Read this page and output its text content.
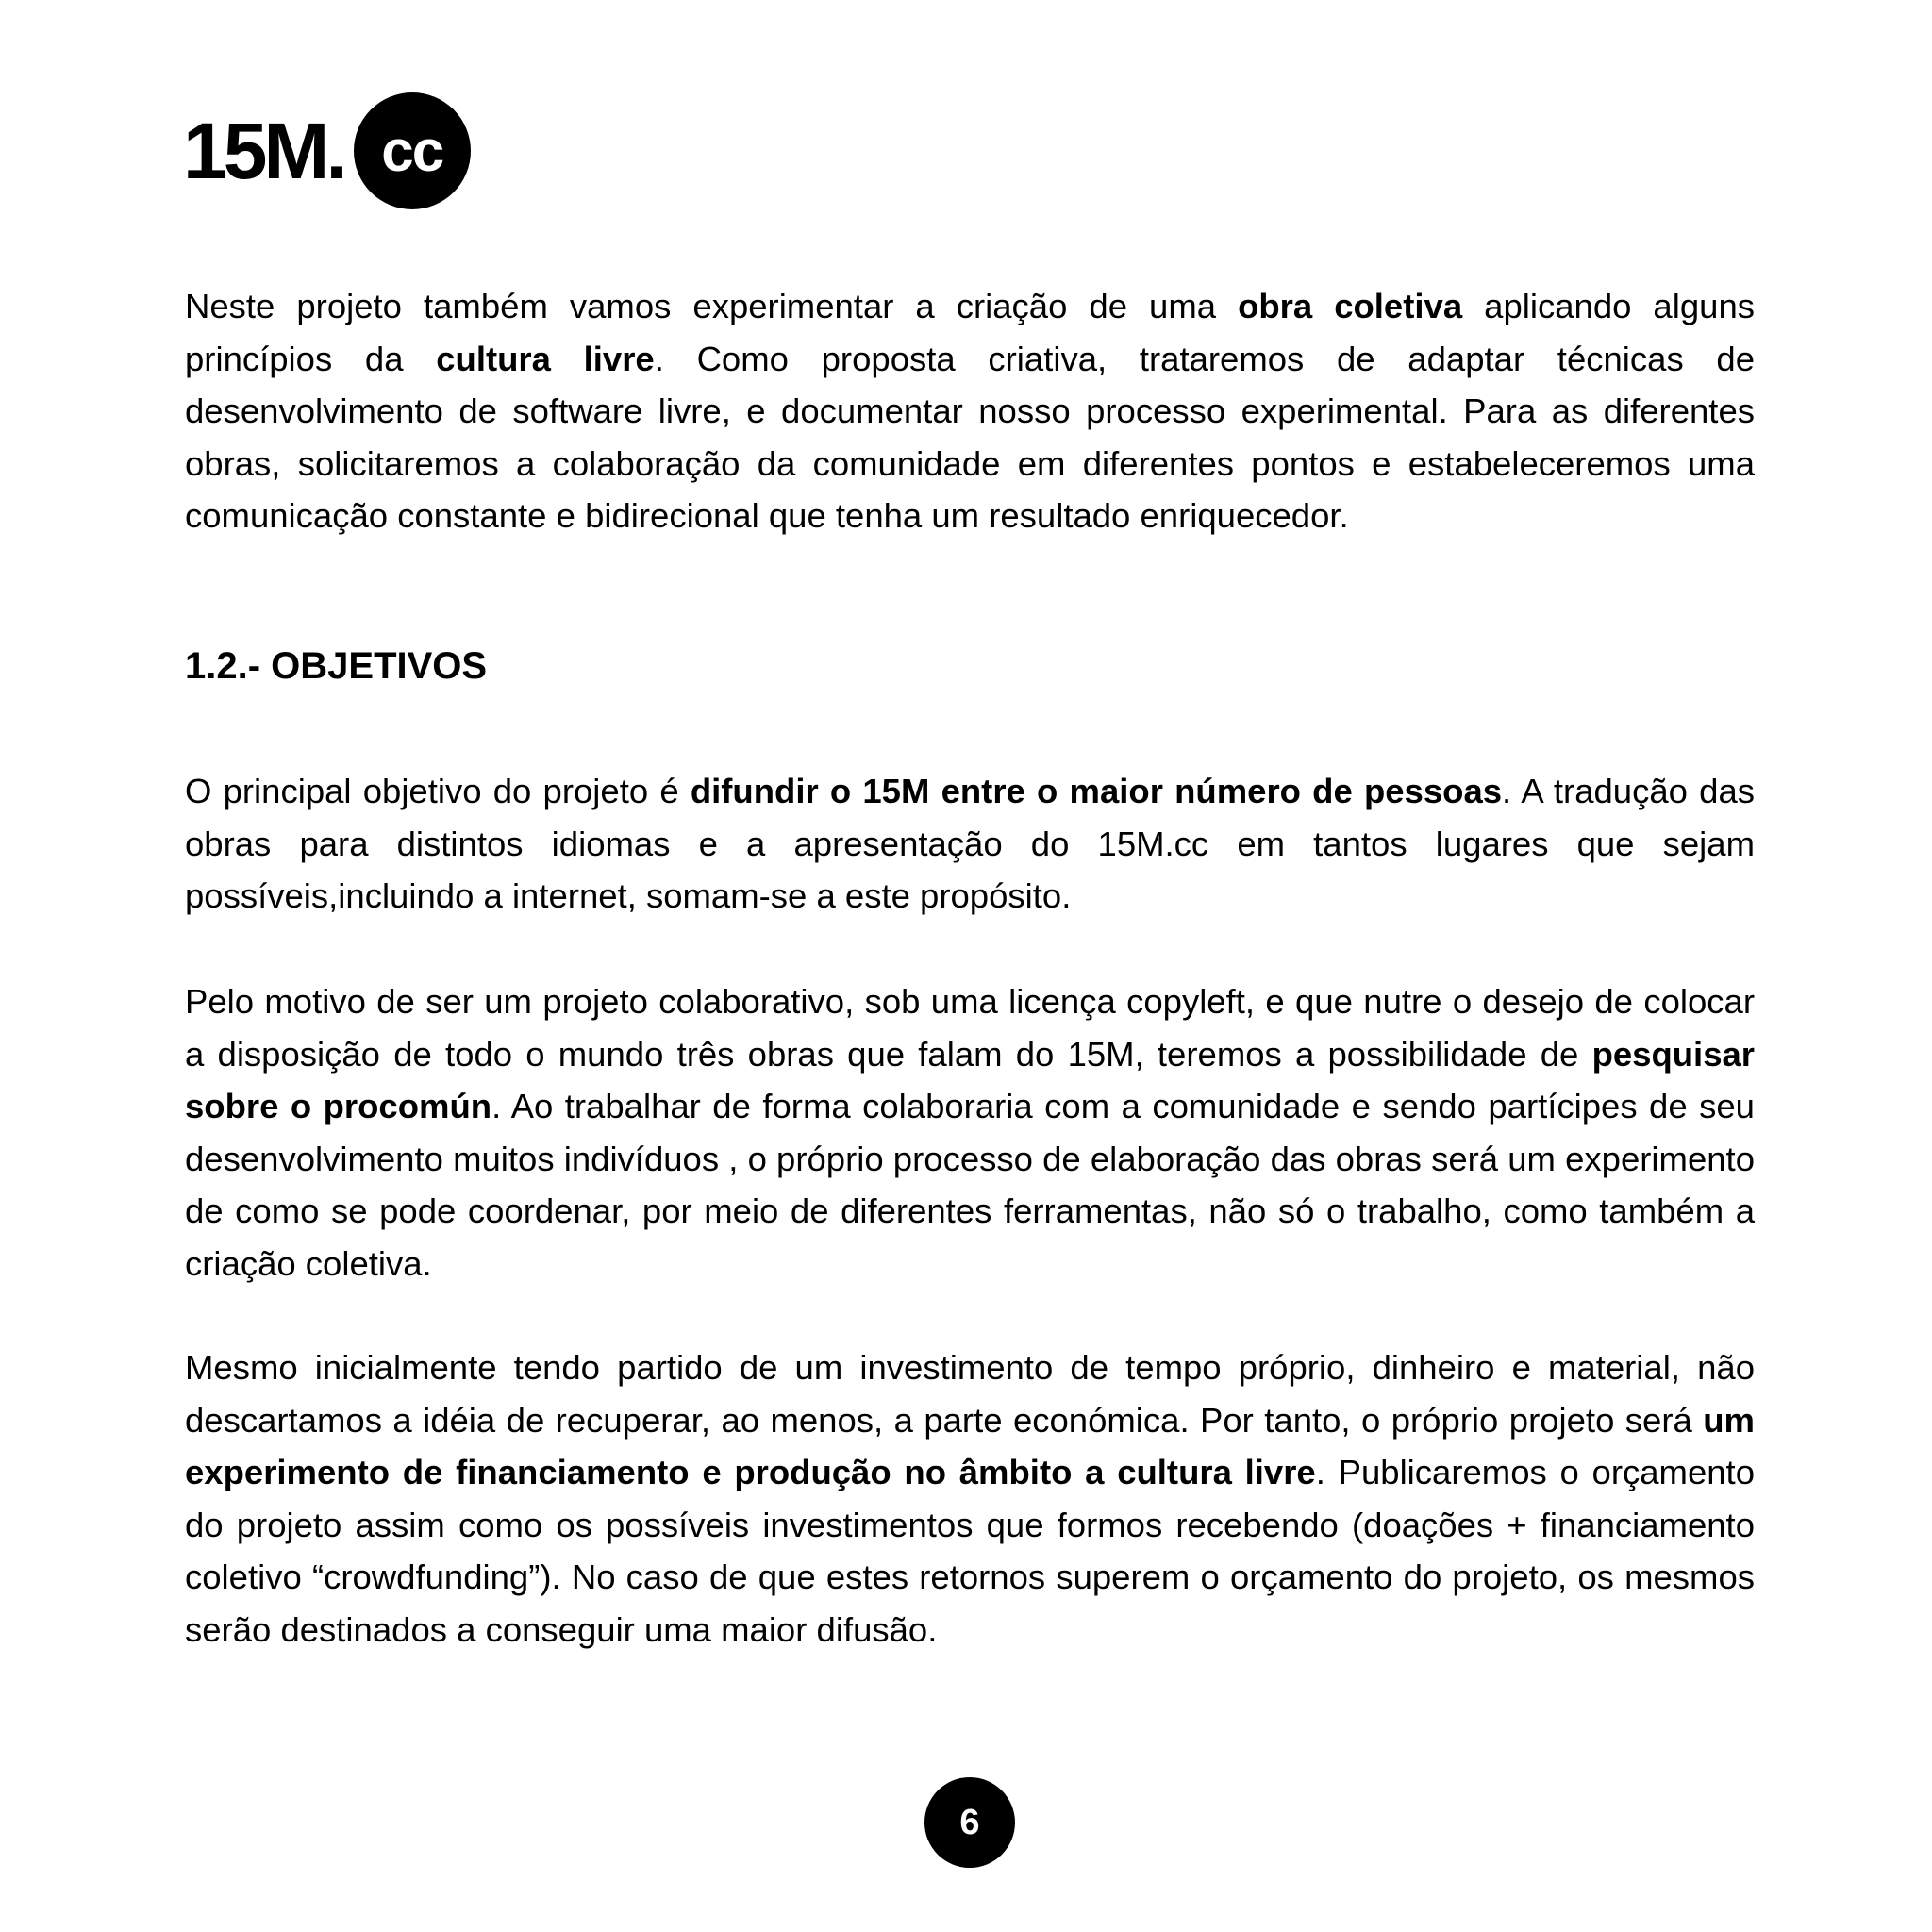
15M. cc

Neste projeto também vamos experimentar a criação de uma obra coletiva aplicando alguns princípios da cultura livre. Como proposta criativa, trataremos de adaptar técnicas de desenvolvimento de software livre, e documentar nosso processo experimental. Para as diferentes obras, solicitaremos a colaboração da comunidade em diferentes pontos e estabeleceremos uma comunicação constante e bidirecional que tenha um resultado enriquecedor.

1.2.- OBJETIVOS

O principal objetivo do projeto é difundir o 15M entre o maior número de pessoas. A tradução das obras para distintos idiomas e a apresentação do 15M.cc em tantos lugares que sejam possíveis,incluindo a internet, somam-se a este propósito.

Pelo motivo de ser um projeto colaborativo, sob uma licença copyleft, e que nutre o desejo de colocar a disposição de todo o mundo três obras que falam do 15M, teremos a possibilidade de pesquisar sobre o procomún. Ao trabalhar de forma colaboraria com a comunidade e sendo partícipes de seu desenvolvimento muitos indivíduos , o próprio processo de elaboração das obras será um experimento de como se pode coordenar, por meio de diferentes ferramentas, não só o trabalho, como também a criação coletiva.

Mesmo inicialmente tendo partido de um investimento de tempo próprio, dinheiro e material, não descartamos a idéia de recuperar, ao menos, a parte económica. Por tanto, o próprio projeto será um experimento de financiamento e produção no âmbito a cultura livre. Publicaremos o orçamento do projeto assim como os possíveis investimentos que formos recebendo (doações + financiamento coletivo “crowdfunding”). No caso de que estes retornos superem o orçamento do projeto, os mesmos serão destinados a conseguir uma maior difusão.

6
